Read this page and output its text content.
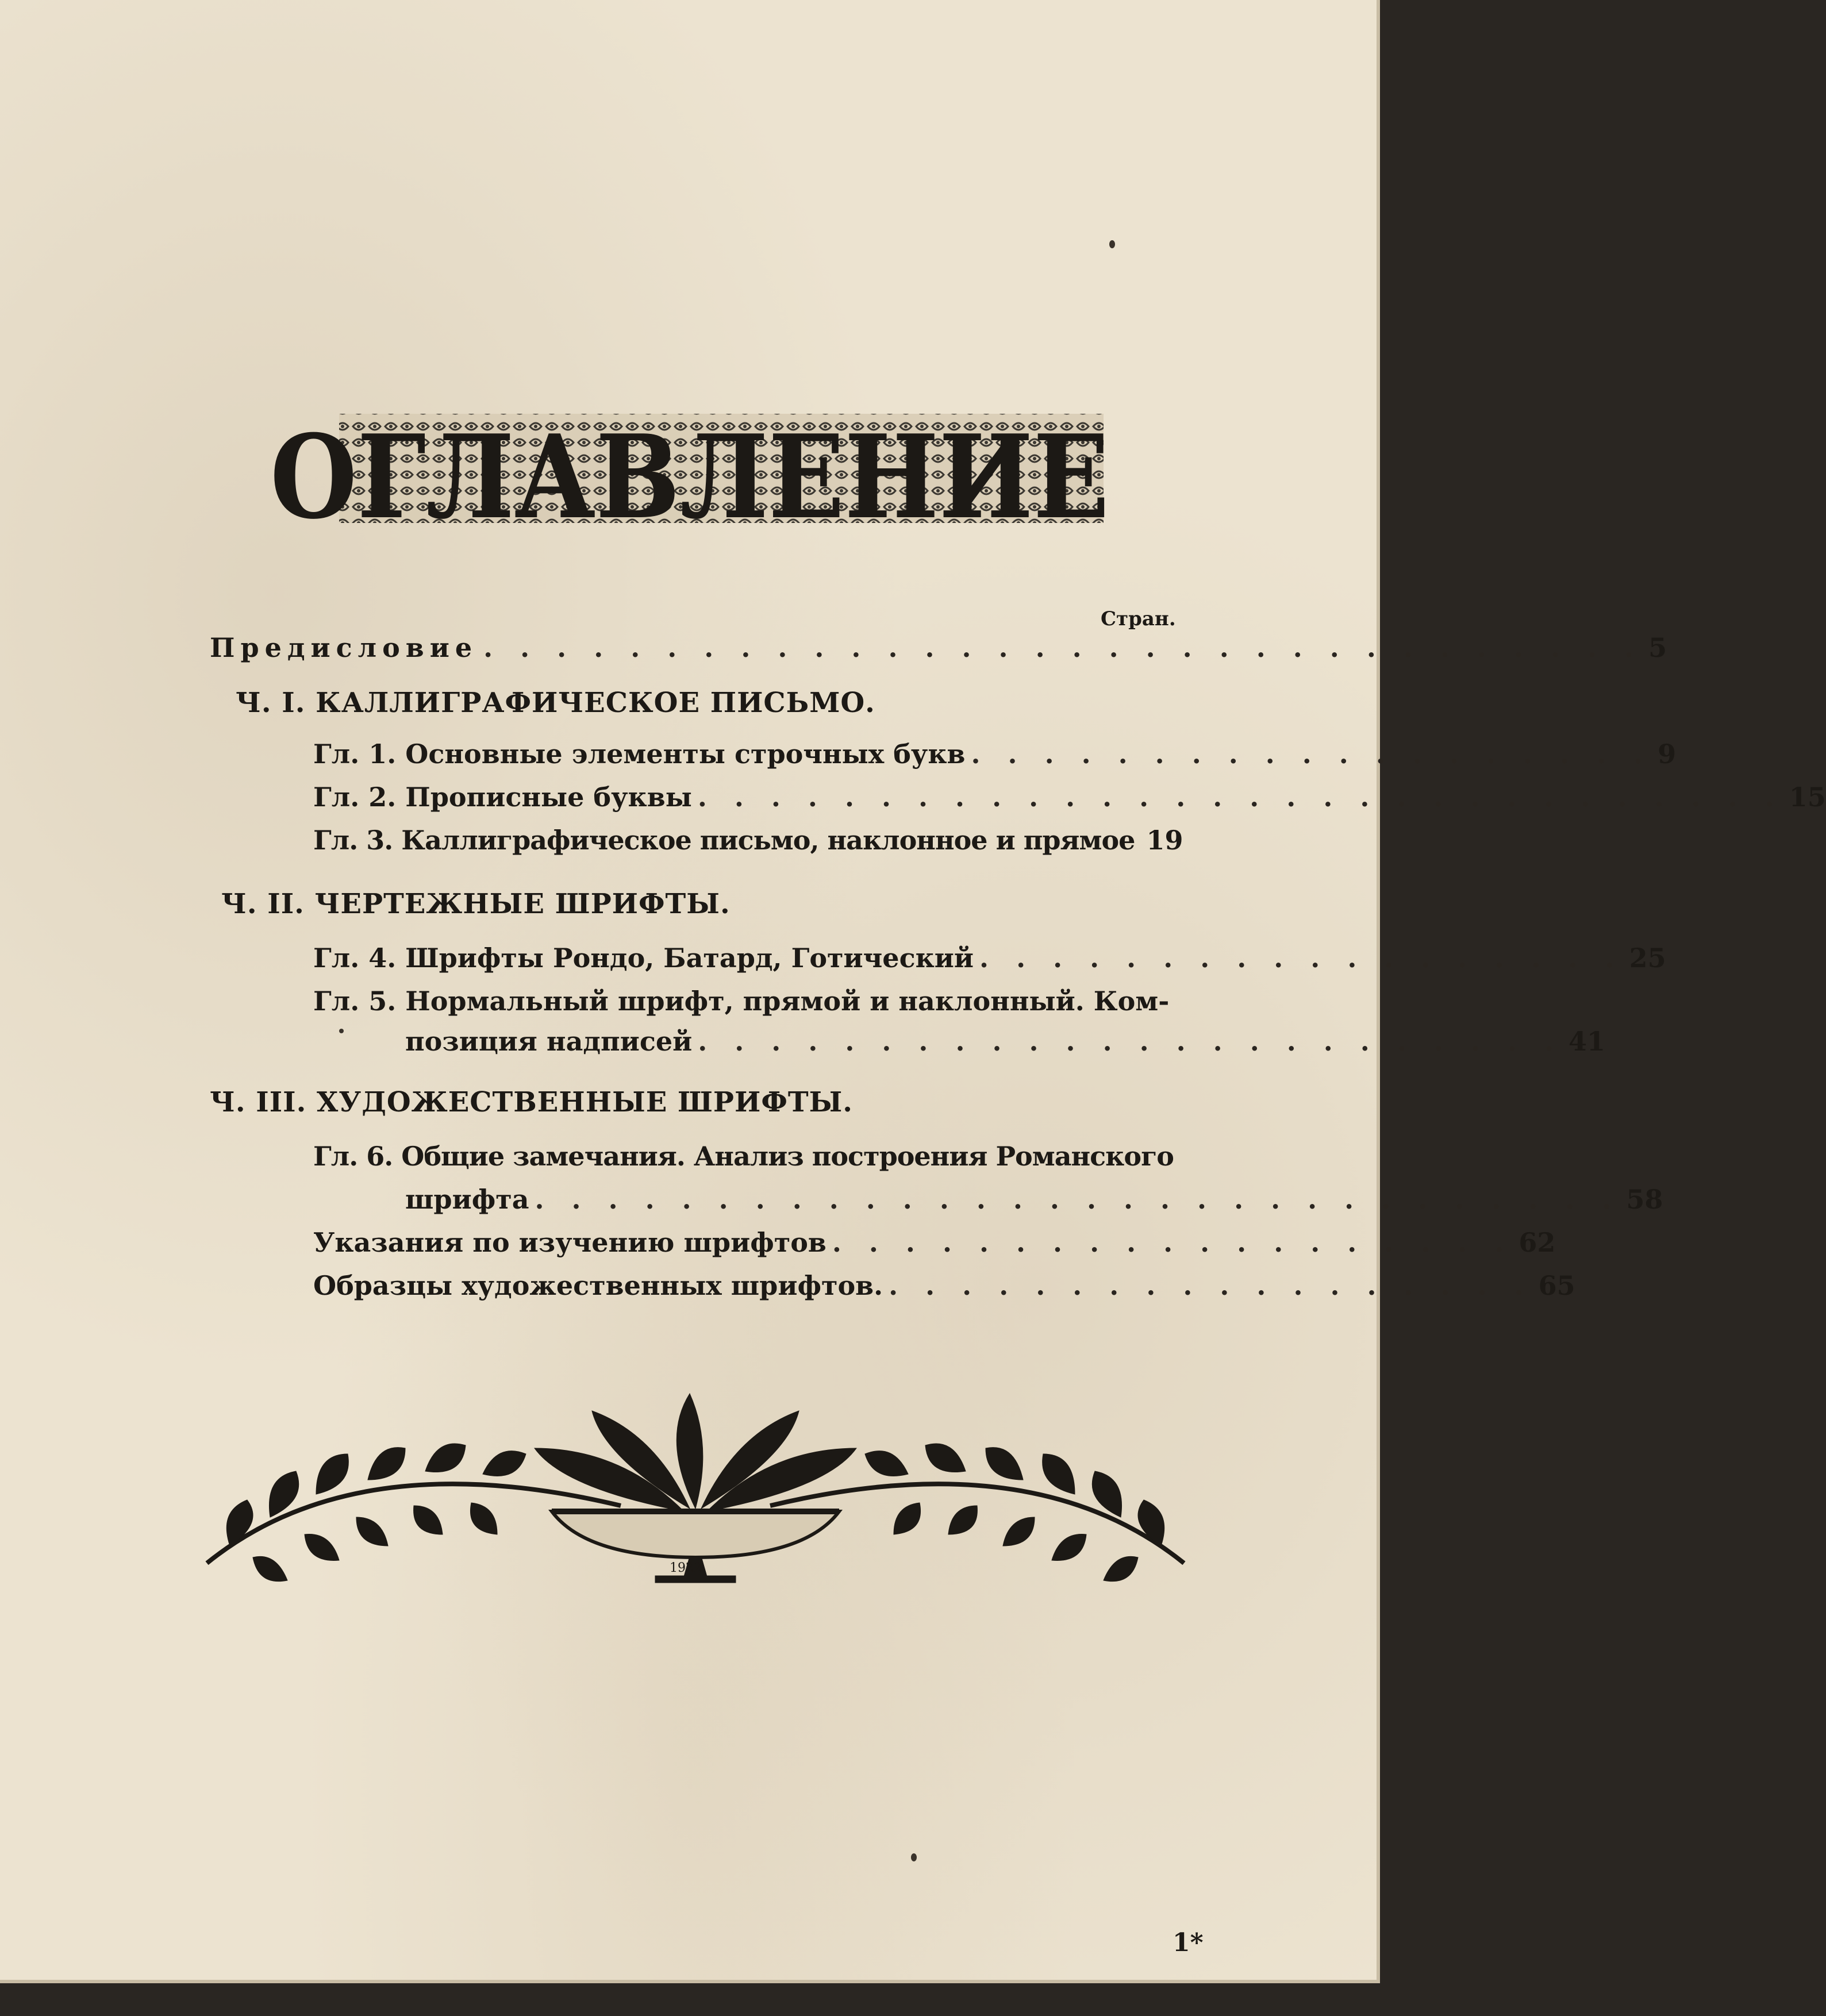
ОГЛАВЛЕНИЕ
Стран.
Предисловие . . . . . . . . . . . . . . . . . . . . . . . . . . . . . . . . 5
Ч. I. КАЛЛИГРАФИЧЕСКОЕ ПИСЬМО.
Гл. 1. Основные элементы строчных букв . . . . . . . . . . . . . . . . . . . 9
Гл. 2. Прописные буквы . . . . . . . . . . . . . . . . . . . . . . . . . . . . . . 15
Гл. 3. Каллиграфическое письмо, наклонное и прямое 19
Ч. II. ЧЕРТЕЖНЫЕ ШРИФТЫ.
Гл. 4. Шрифты Рондо, Батард, Готический . . . . . . . . . . . . . . . . . . 25
Гл. 5. Нормальный шрифт, прямой и наклонный. Ком-
позиция надписей . . . . . . . . . . . . . . . . . . . . . . . . 41
Ч. III. ХУДОЖЕСТВЕННЫЕ ШРИФТЫ.
Гл. 6. Общие замечания. Анализ построения Романского
шрифта . . . . . . . . . . . . . . . . . . . . . . . . . . . . . . 58
Указания по изучению шрифтов . . . . . . . . . . . . . . . . . . . 62
Образцы художественных шрифтов. . . . . . . . . . . . . . . . . . . 65
1922
1*
